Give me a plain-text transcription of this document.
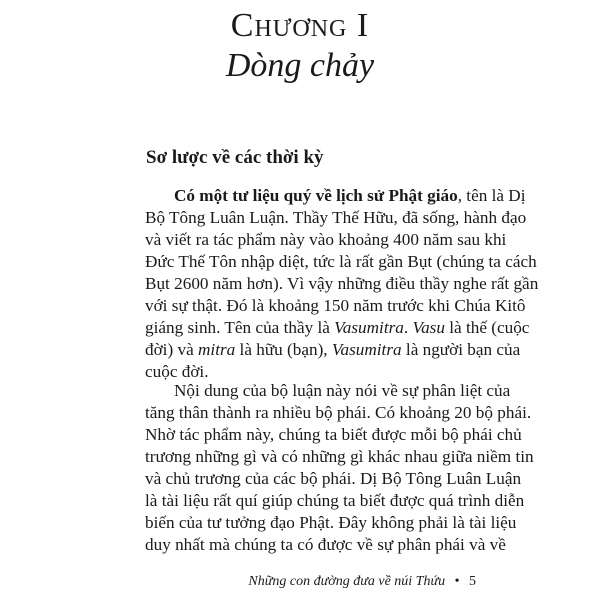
Chương I
Dòng chảy
Sơ lược về các thời kỳ
Có một tư liệu quý về lịch sử Phật giáo, tên là Dị
Bộ Tông Luân Luận. Thầy Thế Hữu, đã sống, hành đạo
và viết ra tác phẩm này vào khoảng 400 năm sau khi
Đức Thế Tôn nhập diệt, tức là rất gần Bụt (chúng ta cách
Bụt 2600 năm hơn). Vì vậy những điều thầy nghe rất gần
với sự thật. Đó là khoảng 150 năm trước khi Chúa Kitô
giáng sinh. Tên của thầy là Vasumitra. Vasu là thế (cuộc
đời) và mitra là hữu (bạn), Vasumitra là người bạn của
cuộc đời.
Nội dung của bộ luận này nói về sự phân liệt của
tăng thân thành ra nhiều bộ phái. Có khoảng 20 bộ phái.
Nhờ tác phẩm này, chúng ta biết được mỗi bộ phái chủ
trương những gì và có những gì khác nhau giữa niềm tin
và chủ trương của các bộ phái. Dị Bộ Tông Luân Luận
là tài liệu rất quí giúp chúng ta biết được quá trình diễn
biến của tư tưởng đạo Phật. Đây không phải là tài liệu
duy nhất mà chúng ta có được về sự phân phái và về
Những con đường đưa về núi Thứu • 5
